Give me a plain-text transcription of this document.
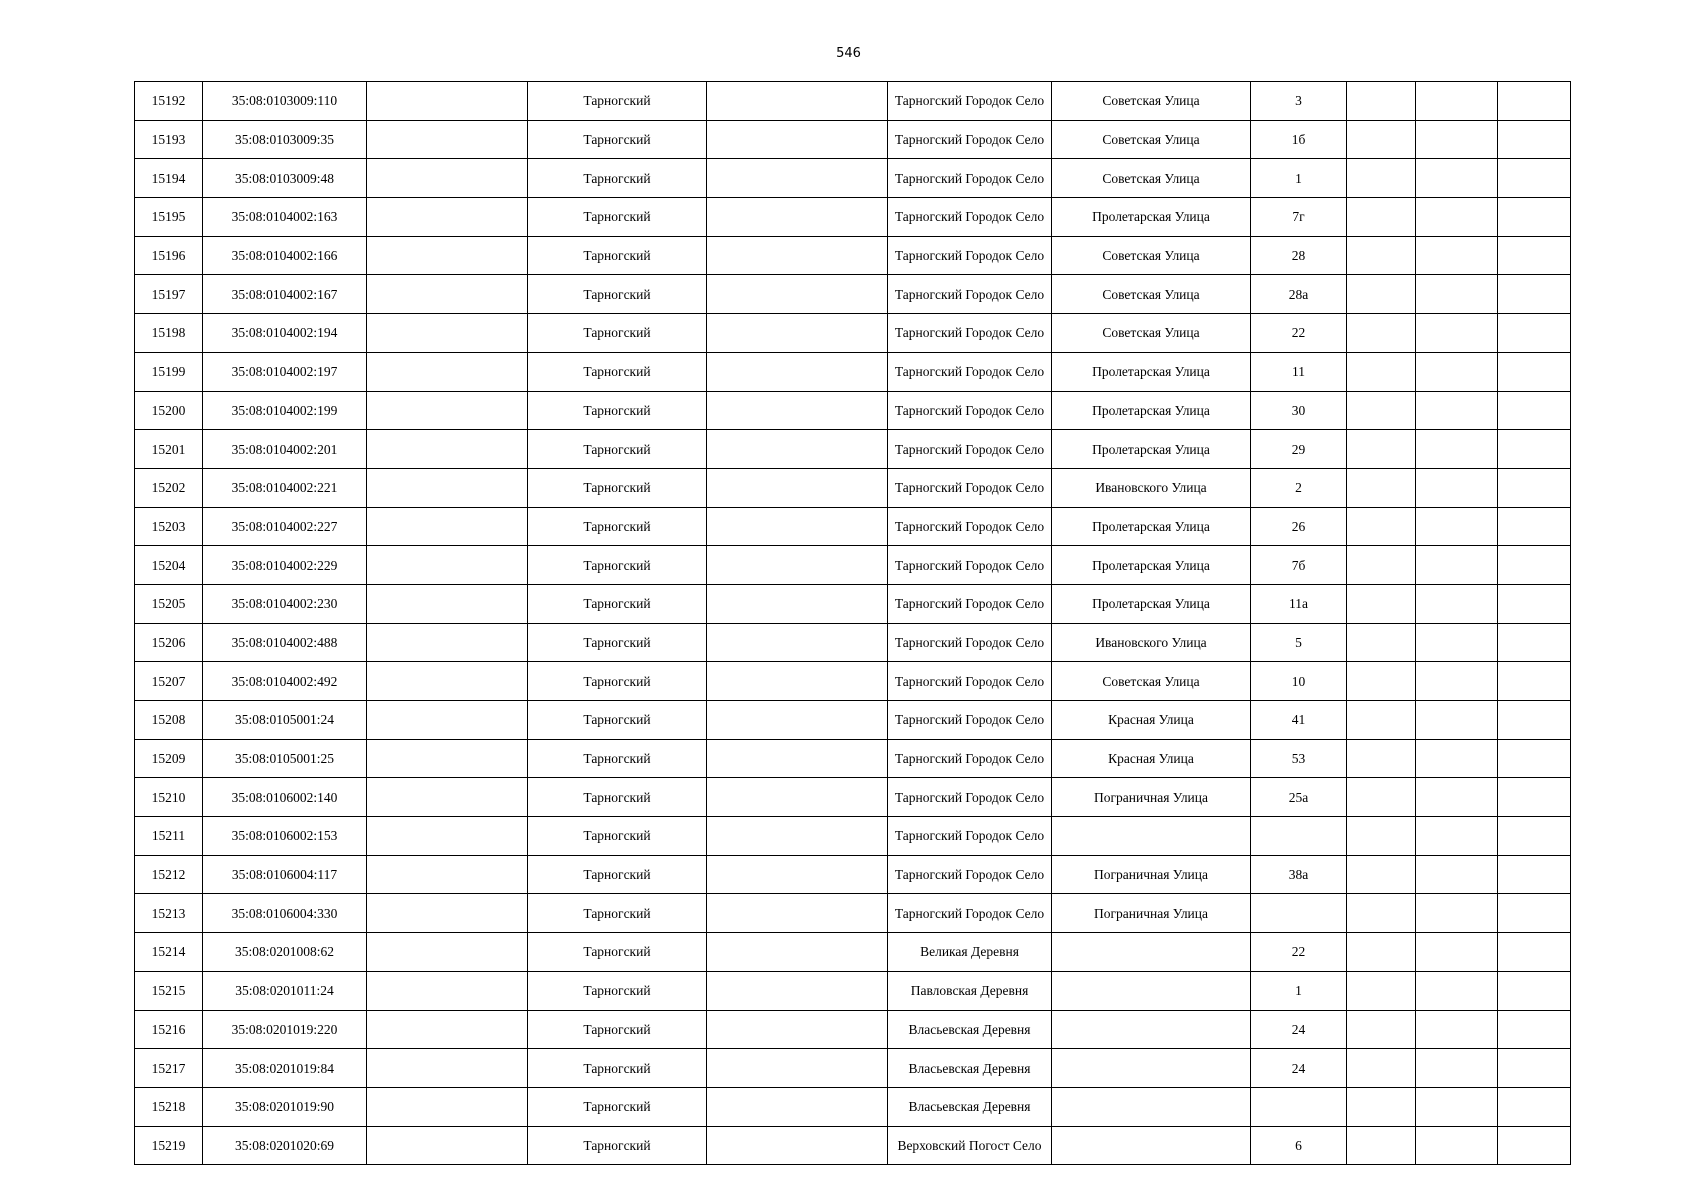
546
15192	35:08:0103009:110		Тарногский		Тарногский Городок Село	Советская Улица	3			
15193	35:08:0103009:35		Тарногский		Тарногский Городок Село	Советская Улица	1б			
15194	35:08:0103009:48		Тарногский		Тарногский Городок Село	Советская Улица	1			
15195	35:08:0104002:163		Тарногский		Тарногский Городок Село	Пролетарская Улица	7г			
15196	35:08:0104002:166		Тарногский		Тарногский Городок Село	Советская Улица	28			
15197	35:08:0104002:167		Тарногский		Тарногский Городок Село	Советская Улица	28а			
15198	35:08:0104002:194		Тарногский		Тарногский Городок Село	Советская Улица	22			
15199	35:08:0104002:197		Тарногский		Тарногский Городок Село	Пролетарская Улица	11			
15200	35:08:0104002:199		Тарногский		Тарногский Городок Село	Пролетарская Улица	30			
15201	35:08:0104002:201		Тарногский		Тарногский Городок Село	Пролетарская Улица	29			
15202	35:08:0104002:221		Тарногский		Тарногский Городок Село	Ивановского Улица	2			
15203	35:08:0104002:227		Тарногский		Тарногский Городок Село	Пролетарская Улица	26			
15204	35:08:0104002:229		Тарногский		Тарногский Городок Село	Пролетарская Улица	7б			
15205	35:08:0104002:230		Тарногский		Тарногский Городок Село	Пролетарская Улица	11а			
15206	35:08:0104002:488		Тарногский		Тарногский Городок Село	Ивановского Улица	5			
15207	35:08:0104002:492		Тарногский		Тарногский Городок Село	Советская Улица	10			
15208	35:08:0105001:24		Тарногский		Тарногский Городок Село	Красная Улица	41			
15209	35:08:0105001:25		Тарногский		Тарногский Городок Село	Красная Улица	53			
15210	35:08:0106002:140		Тарногский		Тарногский Городок Село	Пограничная Улица	25а			
15211	35:08:0106002:153		Тарногский		Тарногский Городок Село					
15212	35:08:0106004:117		Тарногский		Тарногский Городок Село	Пограничная Улица	38а			
15213	35:08:0106004:330		Тарногский		Тарногский Городок Село	Пограничная Улица				
15214	35:08:0201008:62		Тарногский		Великая Деревня		22			
15215	35:08:0201011:24		Тарногский		Павловская Деревня		1			
15216	35:08:0201019:220		Тарногский		Власьевская Деревня		24			
15217	35:08:0201019:84		Тарногский		Власьевская Деревня		24			
15218	35:08:0201019:90		Тарногский		Власьевская Деревня					
15219	35:08:0201020:69		Тарногский		Верховский Погост Село		6			
